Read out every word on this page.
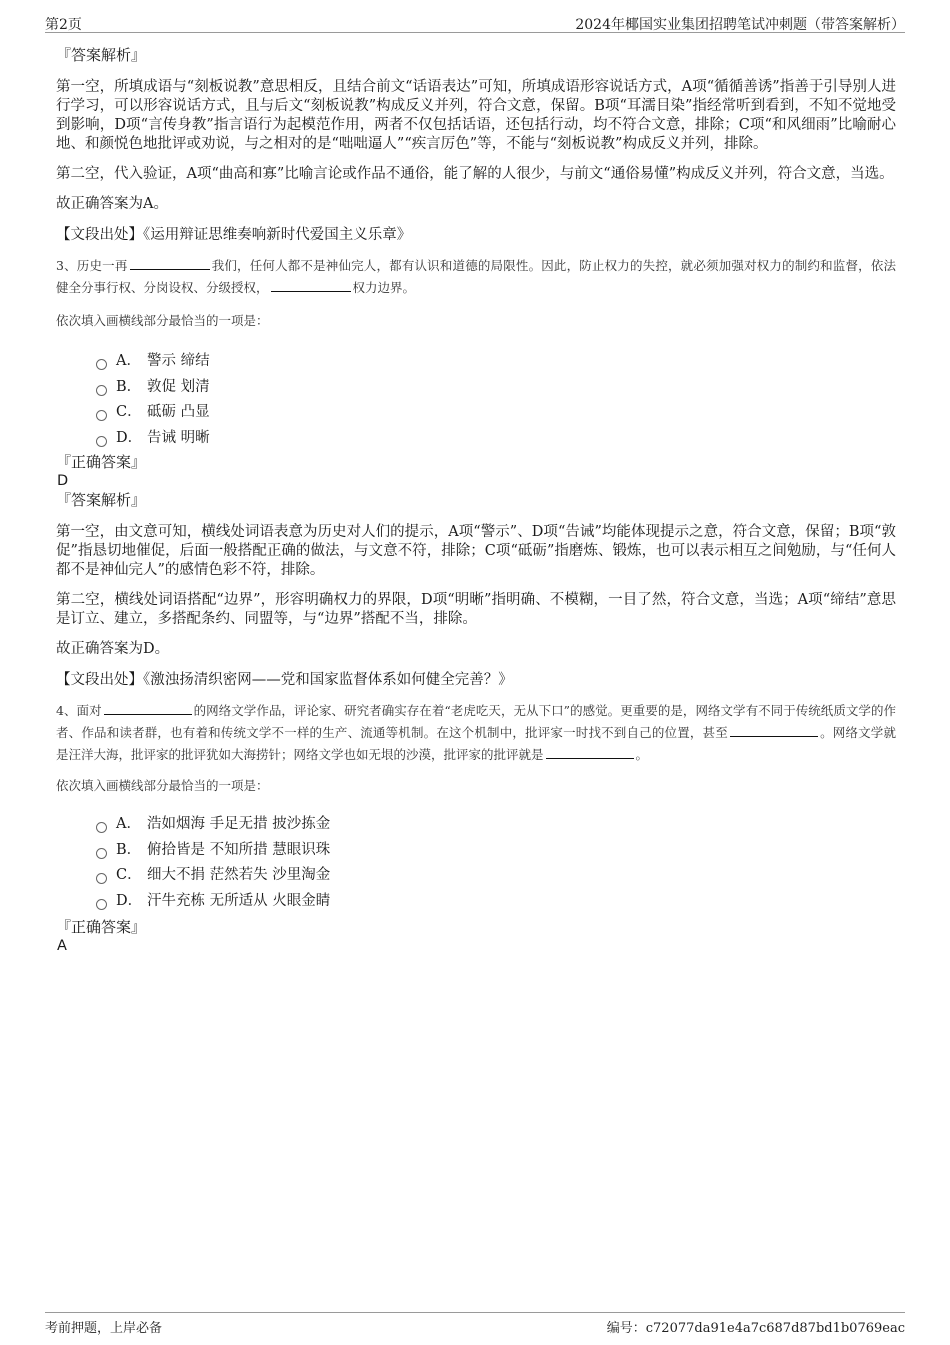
第2页	2024年椰国实业集团招聘笔试冲刺题（带答案解析）

『答案解析』

第一空，所填成语与“刻板说教”意思相反，且结合前文“话语表达”可知，所填成语形容说话方式，A项“循循善诱”指善于引导别人进行学习，可以形容说话方式，且与后文“刻板说教”构成反义并列，符合文意，保留。B项“耳濡目染”指经常听到看到，不知不觉地受到影响，D项“言传身教”指言语行为起模范作用，两者不仅包括话语，还包括行动，均不符合文意，排除；C项“和风细雨”比喻耐心地、和颜悦色地批评或劝说，与之相对的是“咄咄逼人”“疾言厉色”等，不能与“刻板说教”构成反义并列，排除。

第二空，代入验证，A项“曲高和寡”比喻言论或作品不通俗，能了解的人很少，与前文“通俗易懂”构成反义并列，符合文意，当选。

故正确答案为A。

【文段出处】《运用辩证思维奏响新时代爱国主义乐章》

3、历史一再	我们，任何人都不是神仙完人，都有认识和道德的局限性。因此，防止权力的失控，就必须加强对权力的制约和监督，依法健全分事行权、分岗设权、分级授权，	权力边界。

依次填入画横线部分最恰当的一项是：

A． 警示 缔结
B． 敦促 划清
C． 砥砺 凸显
D． 告诫 明晰

『正确答案』

D

『答案解析』

第一空，由文意可知，横线处词语表意为历史对人们的提示，A项“警示”、D项“告诫”均能体现提示之意，符合文意，保留；B项“敦促”指恳切地催促，后面一般搭配正确的做法，与文意不符，排除；C项“砥砺”指磨炼、锻炼，也可以表示相互之间勉励，与“任何人都不是神仙完人”的感情色彩不符，排除。

第二空，横线处词语搭配“边界”，形容明确权力的界限，D项“明晰”指明确、不模糊，一目了然，符合文意，当选；A项“缔结”意思是订立、建立，多搭配条约、同盟等，与“边界”搭配不当，排除。

故正确答案为D。

【文段出处】《激浊扬清织密网——党和国家监督体系如何健全完善？》

4、面对	的网络文学作品，评论家、研究者确实存在着“老虎吃天，无从下口”的感觉。更重要的是，网络文学有不同于传统纸质文学的作者、作品和读者群，也有着和传统文学不一样的生产、流通等机制。在这个机制中，批评家一时找不到自己的位置，甚至	。网络文学就是汪洋大海，批评家的批评犹如大海捞针；网络文学也如无垠的沙漠，批评家的批评就是	。

依次填入画横线部分最恰当的一项是：

A． 浩如烟海 手足无措 披沙拣金
B． 俯拾皆是 不知所措 慧眼识珠
C． 细大不捐 茫然若失 沙里淘金
D． 汗牛充栋 无所适从 火眼金睛

『正确答案』

A

考前押题，上岸必备	编号：c72077da91e4a7c687d87bd1b0769eac
